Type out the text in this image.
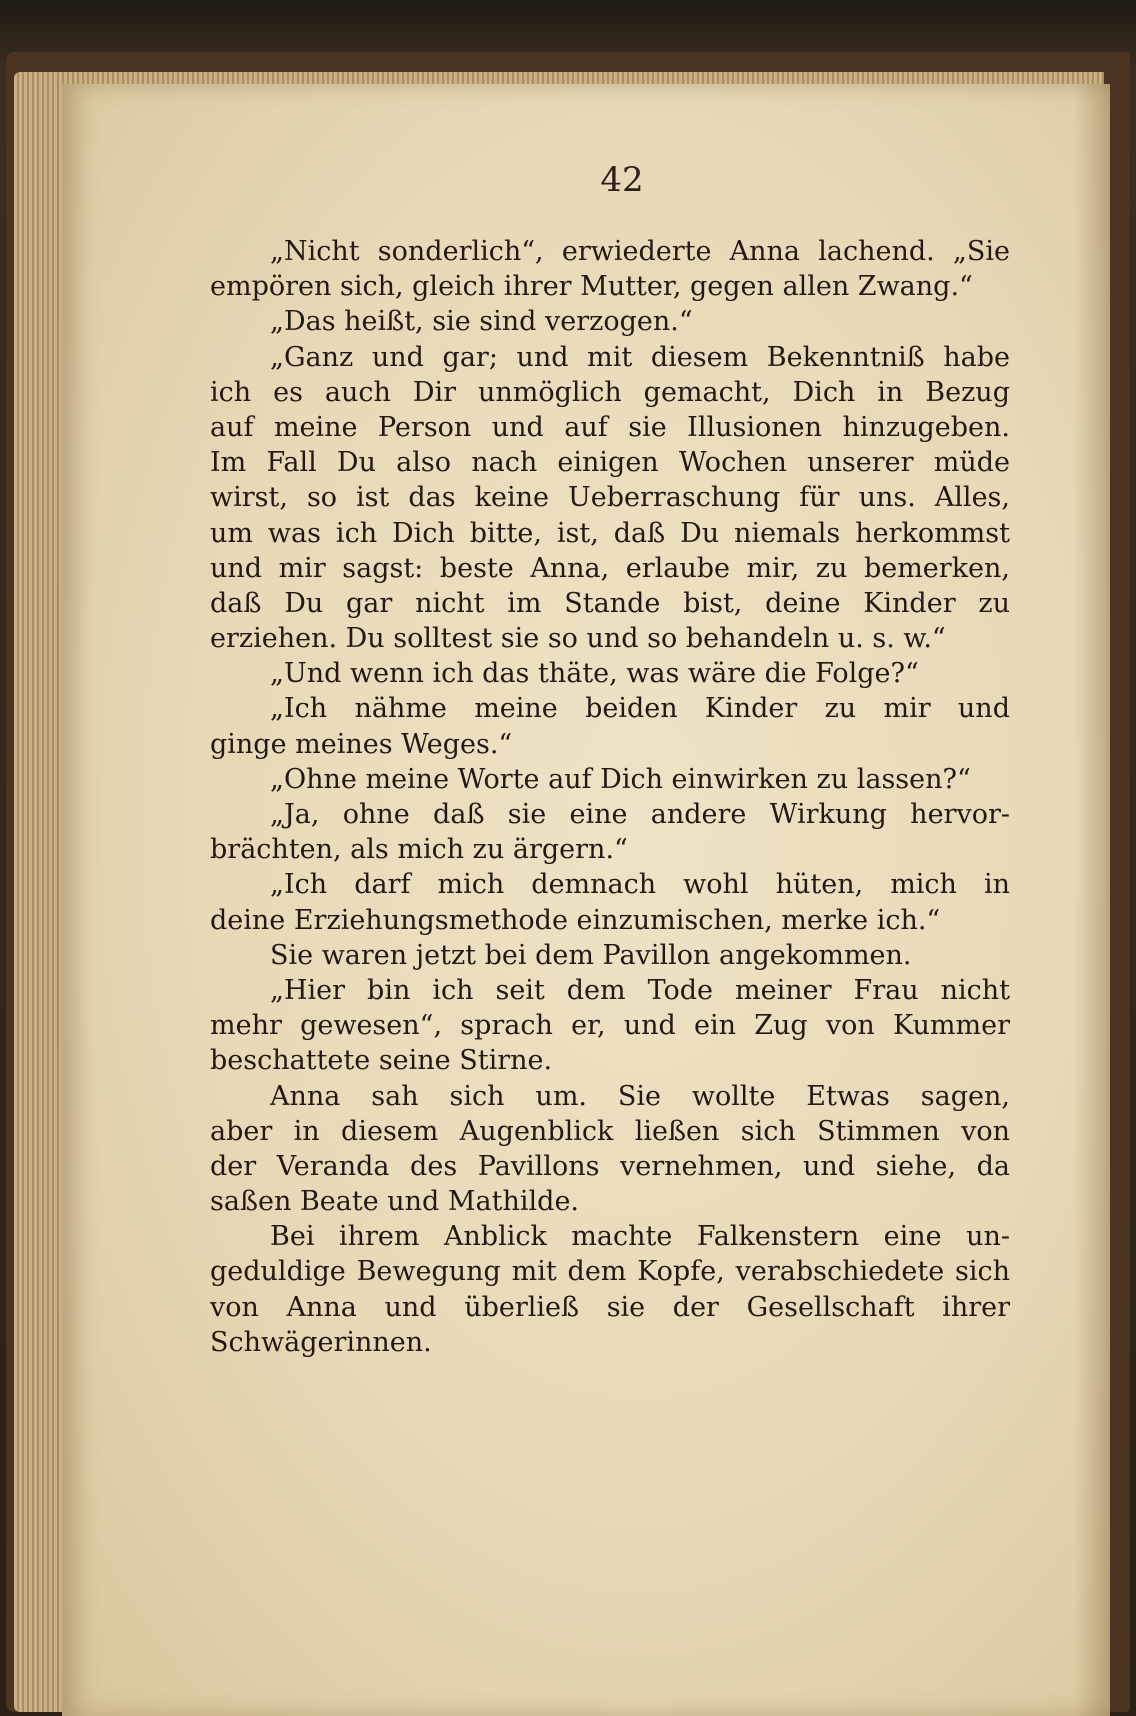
42
„Nicht sonderlich“, erwiederte Anna lachend. „Sie
empören sich, gleich ihrer Mutter, gegen allen Zwang.“
„Das heißt, sie sind verzogen.“
„Ganz und gar; und mit diesem Bekenntniß habe
ich es auch Dir unmöglich gemacht, Dich in Bezug
auf meine Person und auf sie Illusionen hinzugeben.
Im Fall Du also nach einigen Wochen unserer müde
wirst, so ist das keine Ueberraschung für uns. Alles,
um was ich Dich bitte, ist, daß Du niemals herkommst
und mir sagst: beste Anna, erlaube mir, zu bemerken,
daß Du gar nicht im Stande bist, deine Kinder zu
erziehen. Du solltest sie so und so behandeln u. s. w.“
„Und wenn ich das thäte, was wäre die Folge?“
„Ich nähme meine beiden Kinder zu mir und
ginge meines Weges.“
„Ohne meine Worte auf Dich einwirken zu lassen?“
„Ja, ohne daß sie eine andere Wirkung hervor-
brächten, als mich zu ärgern.“
„Ich darf mich demnach wohl hüten, mich in
deine Erziehungsmethode einzumischen, merke ich.“
Sie waren jetzt bei dem Pavillon angekommen.
„Hier bin ich seit dem Tode meiner Frau nicht
mehr gewesen“, sprach er, und ein Zug von Kummer
beschattete seine Stirne.
Anna sah sich um. Sie wollte Etwas sagen,
aber in diesem Augenblick ließen sich Stimmen von
der Veranda des Pavillons vernehmen, und siehe, da
saßen Beate und Mathilde.
Bei ihrem Anblick machte Falkenstern eine un-
geduldige Bewegung mit dem Kopfe, verabschiedete sich
von Anna und überließ sie der Gesellschaft ihrer
Schwägerinnen.
